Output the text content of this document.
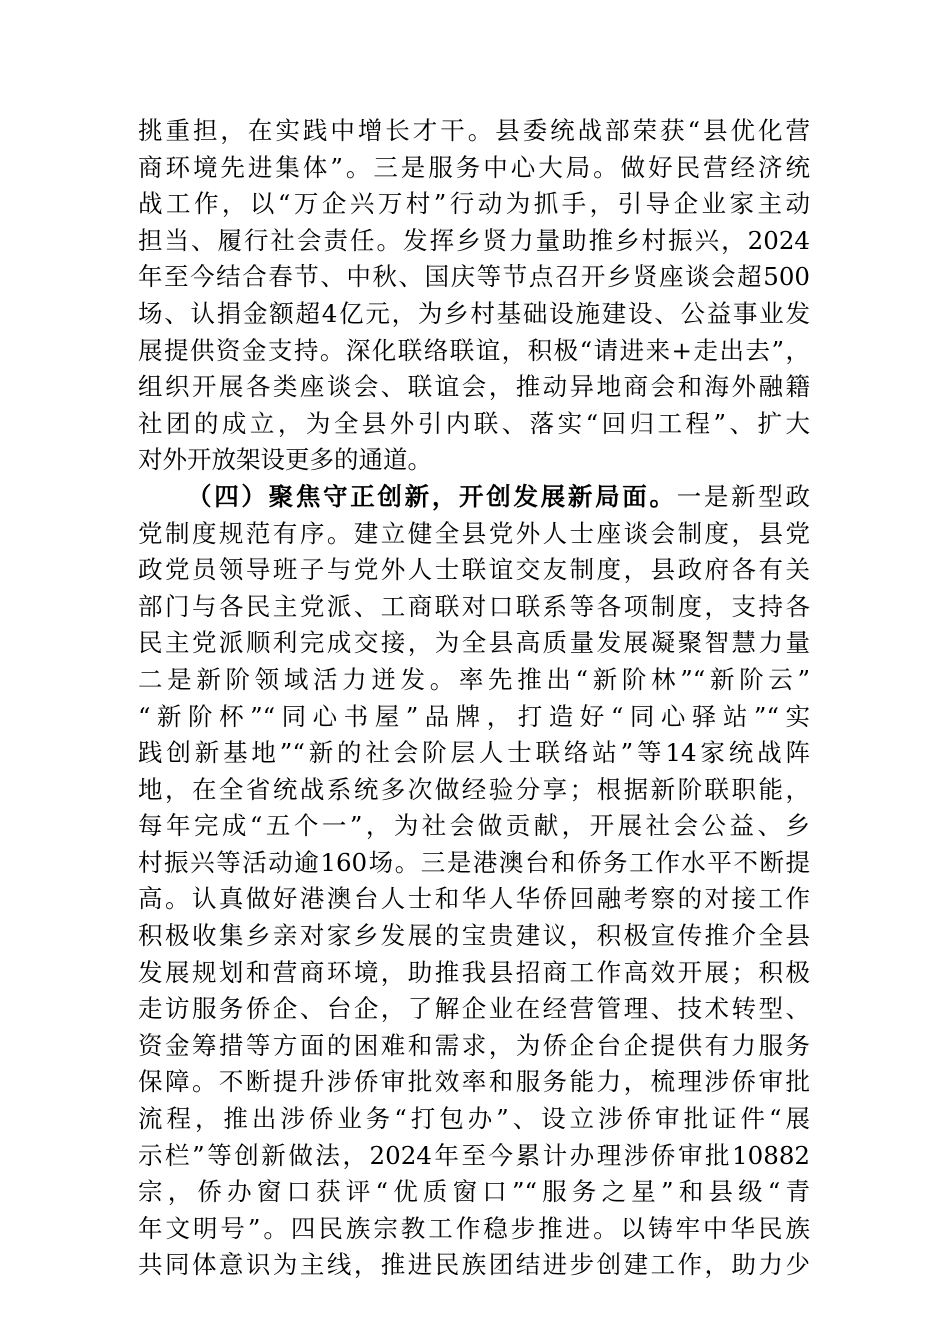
挑重担，在实践中增长才干。县委统战部荣获“县优化营
商环境先进集体”。三是服务中心大局。做好民营经济统
战工作，以“万企兴万村”行动为抓手，引导企业家主动
担当、履行社会责任。发挥乡贤力量助推乡村振兴，2024
年至今结合春节、中秋、国庆等节点召开乡贤座谈会超500
场、认捐金额超4亿元，为乡村基础设施建设、公益事业发
展提供资金支持。深化联络联谊，积极“请进来+走出去”，
组织开展各类座谈会、联谊会，推动异地商会和海外融籍
社团的成立，为全县外引内联、落实“回归工程”、扩大
对外开放架设更多的通道。
（四）聚焦守正创新，开创发展新局面。一是新型政
党制度规范有序。建立健全县党外人士座谈会制度，县党
政党员领导班子与党外人士联谊交友制度，县政府各有关
部门与各民主党派、工商联对口联系等各项制度，支持各
民主党派顺利完成交接，为全县高质量发展凝聚智慧力量
二是新阶领域活力迸发。率先推出“新阶林”“新阶云”
“新阶杯”“同心书屋”品牌，打造好“同心驿站”“实
践创新基地”“新的社会阶层人士联络站”等14家统战阵
地，在全省统战系统多次做经验分享；根据新阶联职能，
每年完成“五个一”，为社会做贡献，开展社会公益、乡
村振兴等活动逾160场。三是港澳台和侨务工作水平不断提
高。认真做好港澳台人士和华人华侨回融考察的对接工作
积极收集乡亲对家乡发展的宝贵建议，积极宣传推介全县
发展规划和营商环境，助推我县招商工作高效开展；积极
走访服务侨企、台企，了解企业在经营管理、技术转型、
资金筹措等方面的困难和需求，为侨企台企提供有力服务
保障。不断提升涉侨审批效率和服务能力，梳理涉侨审批
流程，推出涉侨业务“打包办”、设立涉侨审批证件“展
示栏”等创新做法，2024年至今累计办理涉侨审批10882
宗，侨办窗口获评“优质窗口”“服务之星”和县级“青
年文明号”。四民族宗教工作稳步推进。以铸牢中华民族
共同体意识为主线，推进民族团结进步创建工作，助力少
